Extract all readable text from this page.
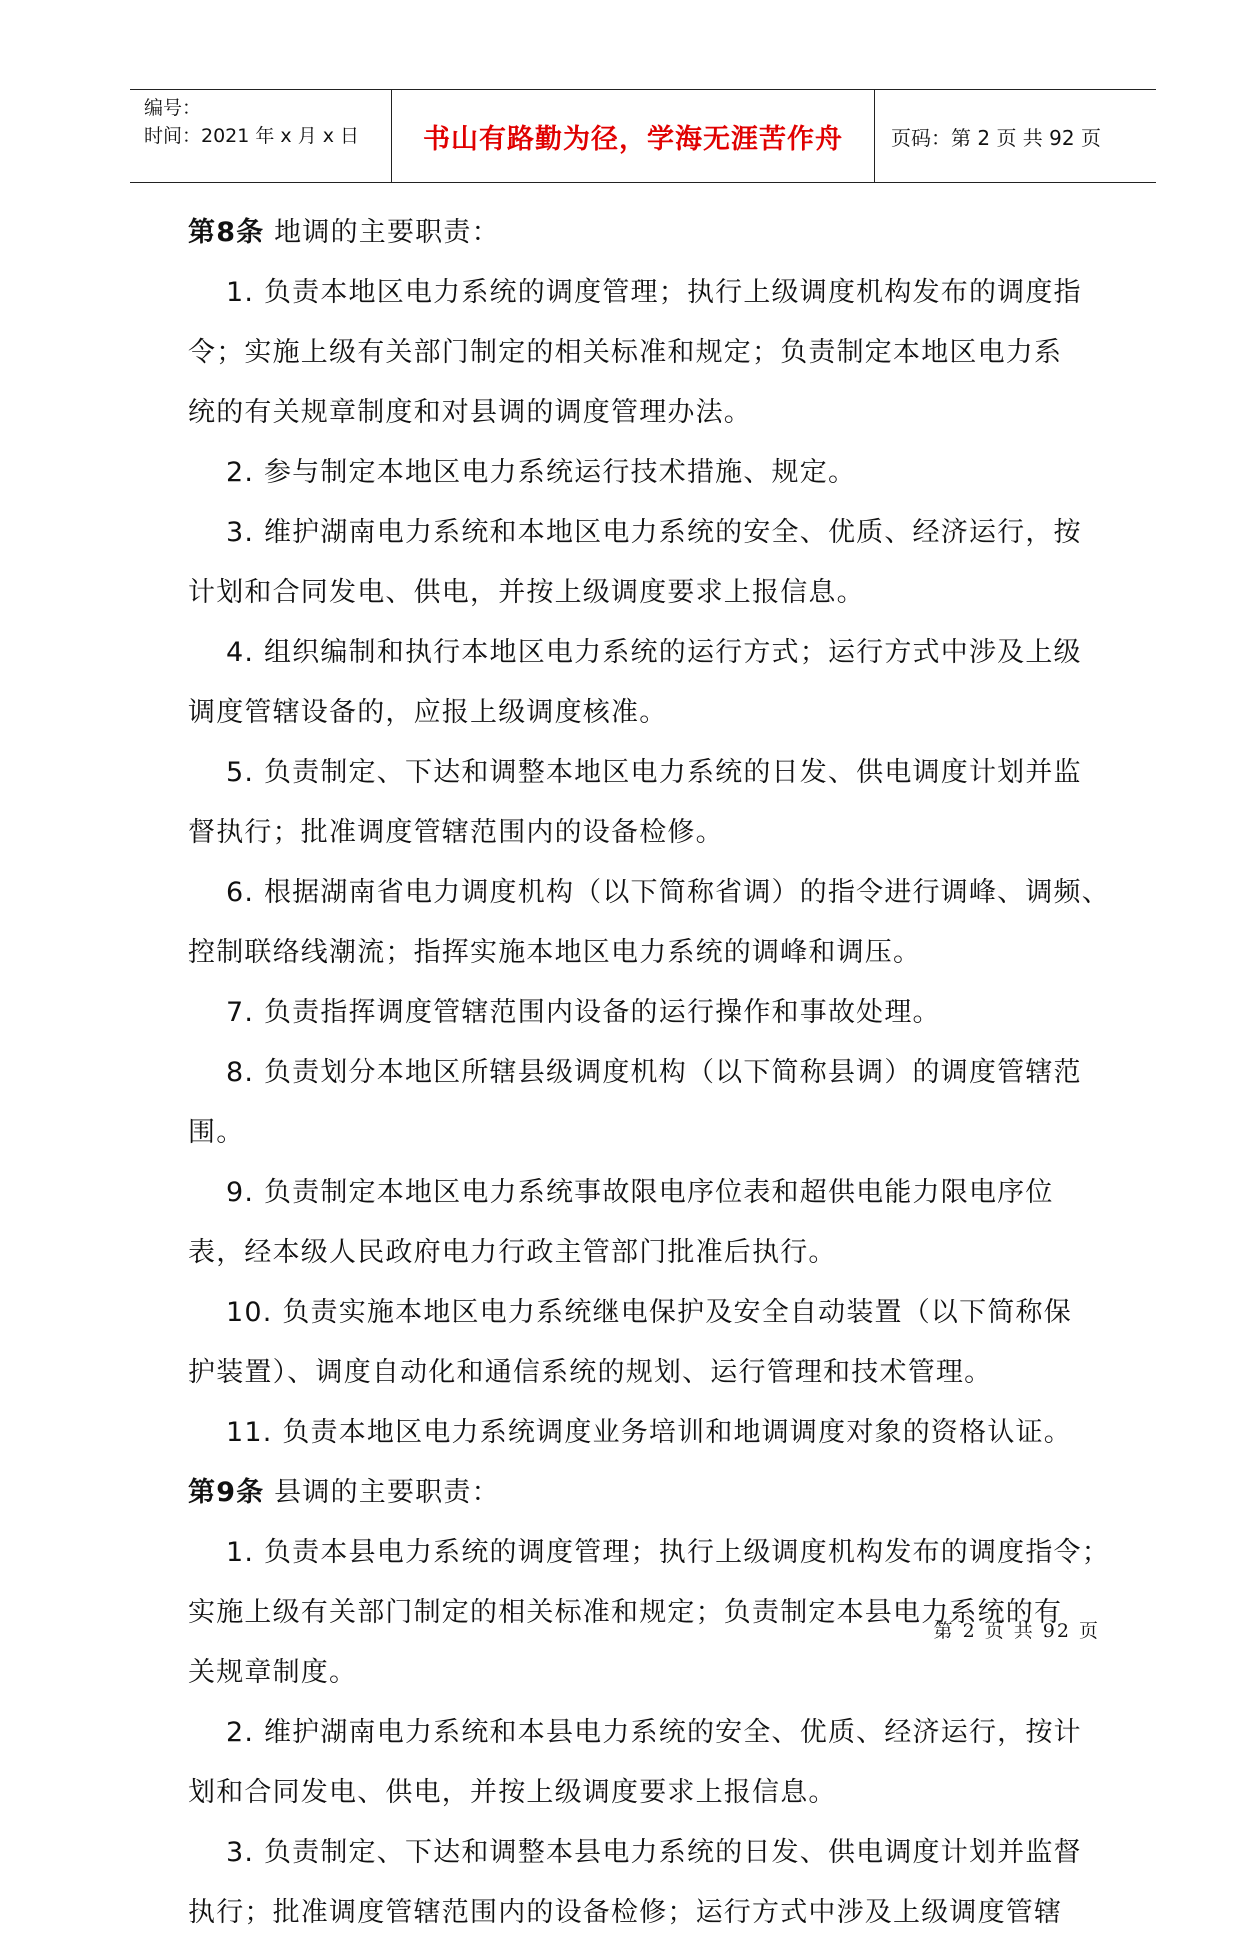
编号：
时间：2021 年 x 月 x 日	书山有路勤为径，学海无涯苦作舟	页码：第 2 页 共 92 页
第8条 地调的主要职责：
1. 负责本地区电力系统的调度管理；执行上级调度机构发布的调度指
令；实施上级有关部门制定的相关标准和规定；负责制定本地区电力系
统的有关规章制度和对县调的调度管理办法。
2. 参与制定本地区电力系统运行技术措施、规定。
3. 维护湖南电力系统和本地区电力系统的安全、优质、经济运行，按
计划和合同发电、供电，并按上级调度要求上报信息。
4. 组织编制和执行本地区电力系统的运行方式；运行方式中涉及上级
调度管辖设备的，应报上级调度核准。
5. 负责制定、下达和调整本地区电力系统的日发、供电调度计划并监
督执行；批准调度管辖范围内的设备检修。
6. 根据湖南省电力调度机构（以下简称省调）的指令进行调峰、调频、
控制联络线潮流；指挥实施本地区电力系统的调峰和调压。
7. 负责指挥调度管辖范围内设备的运行操作和事故处理。
8. 负责划分本地区所辖县级调度机构（以下简称县调）的调度管辖范
围。
9. 负责制定本地区电力系统事故限电序位表和超供电能力限电序位
表，经本级人民政府电力行政主管部门批准后执行。
10. 负责实施本地区电力系统继电保护及安全自动装置（以下简称保
护装置）、调度自动化和通信系统的规划、运行管理和技术管理。
11. 负责本地区电力系统调度业务培训和地调调度对象的资格认证。
第9条 县调的主要职责：
1. 负责本县电力系统的调度管理；执行上级调度机构发布的调度指令；
实施上级有关部门制定的相关标准和规定；负责制定本县电力系统的有
关规章制度。
2. 维护湖南电力系统和本县电力系统的安全、优质、经济运行，按计
划和合同发电、供电，并按上级调度要求上报信息。
3. 负责制定、下达和调整本县电力系统的日发、供电调度计划并监督
执行；批准调度管辖范围内的设备检修；运行方式中涉及上级调度管辖
第 2 页 共 92 页
